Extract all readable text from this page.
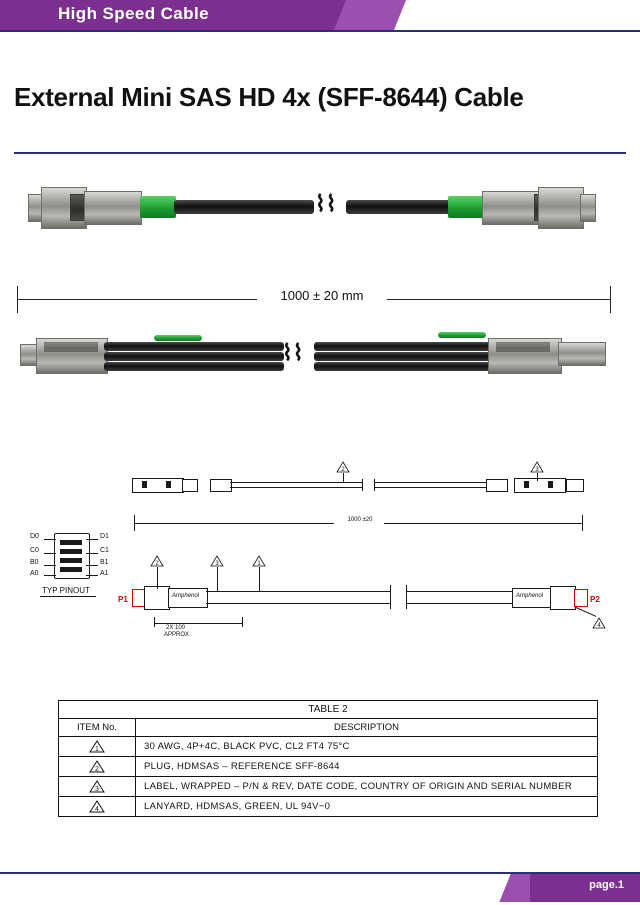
High Speed Cable
External Mini SAS HD 4x (SFF-8644) Cable
⌇⌇
1000 ± 20 mm
⌇⌇
2	3
1000 ±20
D0
C0
B0
A0
D1
C1
B1
A1
TYP PINOUT
P1	Amphenol	Amphenol	P2
2	3	1
4
2X 100
APPROX
TABLE 2	
ITEM No.	DESCRIPTION

1	30 AWG, 4P+4C, BLACK PVC, CL2 FT4 75°C

2	PLUG, HDMSAS – REFERENCE SFF-8644

3	LABEL, WRAPPED – P/N & REV, DATE CODE, COUNTRY OF ORIGIN AND SERIAL NUMBER

4	LANYARD, HDMSAS, GREEN, UL 94V−0
page.1
